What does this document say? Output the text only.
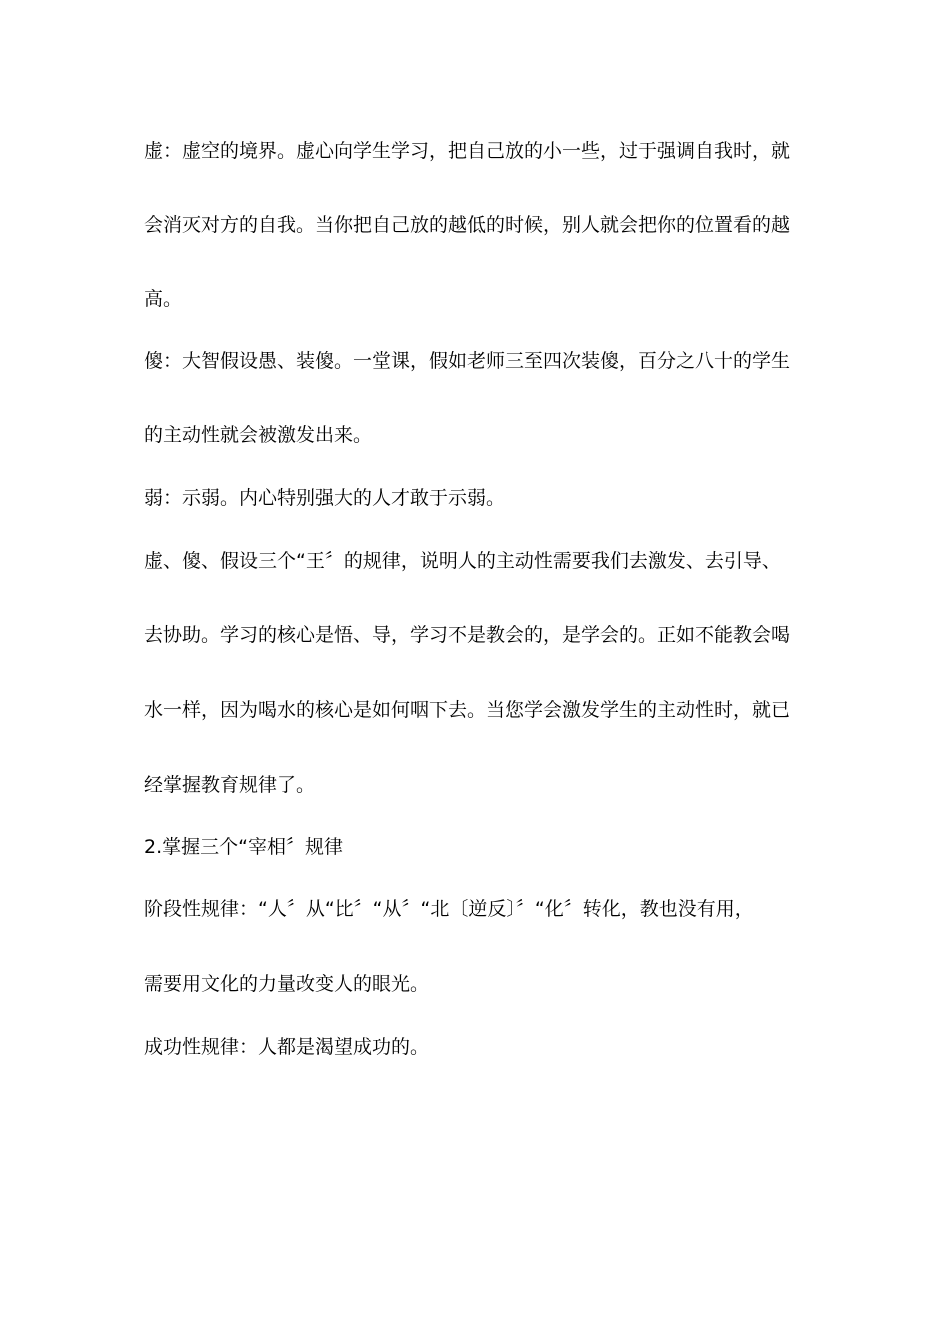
虚：虚空的境界。虚心向学生学习，把自己放的小一些，过于强调自我时，就
会消灭对方的自我。当你把自己放的越低的时候，别人就会把你的位置看的越
高。
傻：大智假设愚、装傻。一堂课，假如老师三至四次装傻，百分之八十的学生
的主动性就会被激发出来。
弱：示弱。内心特别强大的人才敢于示弱。
虚、傻、假设三个“王〞的规律，说明人的主动性需要我们去激发、去引导、
去协助。学习的核心是悟、导，学习不是教会的，是学会的。正如不能教会喝
水一样，因为喝水的核心是如何咽下去。当您学会激发学生的主动性时，就已
经掌握教育规律了。
2.掌握三个“宰相〞规律
阶段性规律：“人〞从“比〞“从〞“北〔逆反〕〞“化〞转化，教也没有用，
需要用文化的力量改变人的眼光。
成功性规律：人都是渴望成功的。
